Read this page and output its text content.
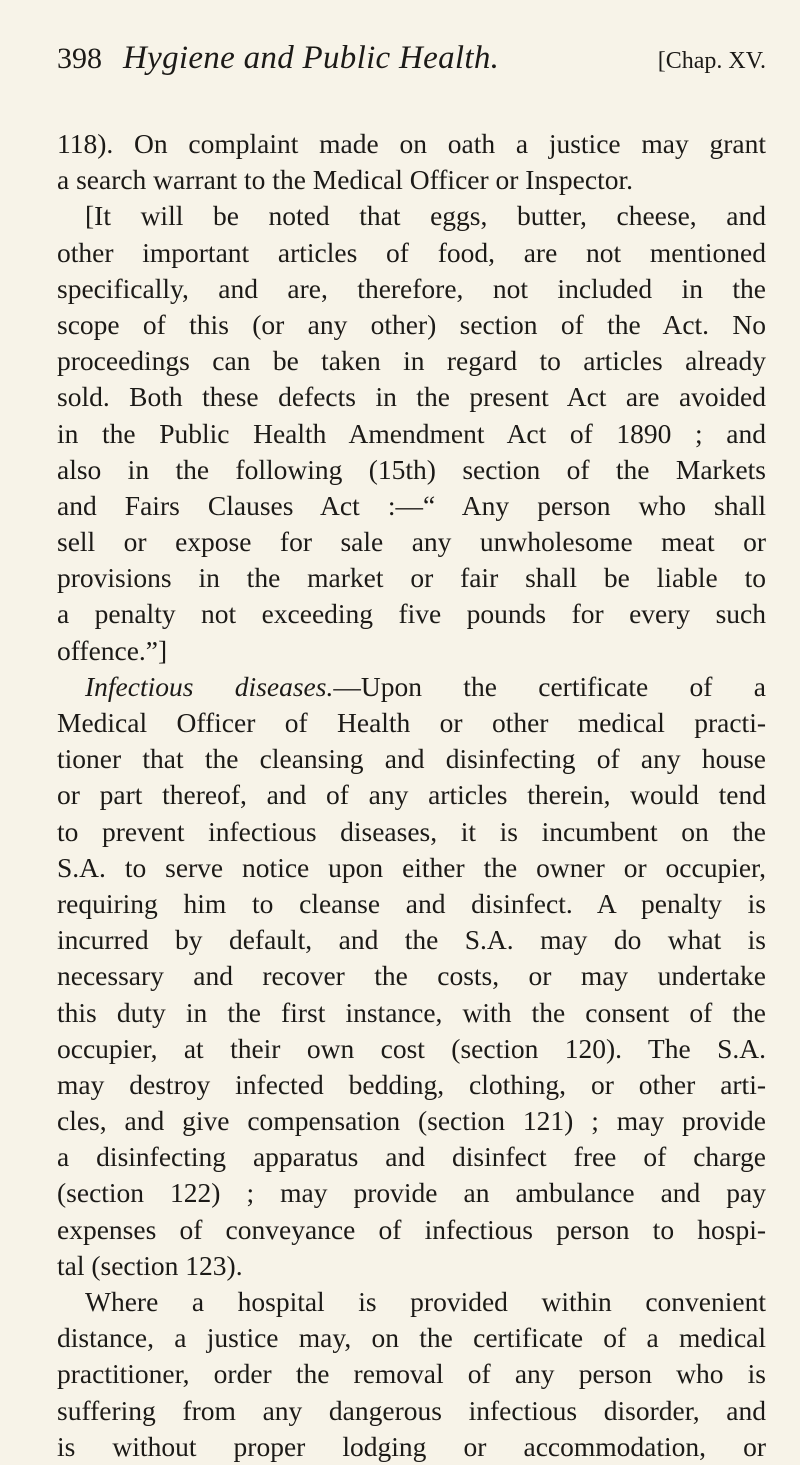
398 Hygiene and Public Health.	[Chap. XV.

118). On complaint made on oath a justice may grant
a search warrant to the Medical Officer or Inspector.

[It will be noted that eggs, butter, cheese, and
other important articles of food, are not mentioned
specifically, and are, therefore, not included in the
scope of this (or any other) section of the Act. No
proceedings can be taken in regard to articles already
sold. Both these defects in the present Act are avoided
in the Public Health Amendment Act of 1890 ; and
also in the following (15th) section of the Markets
and Fairs Clauses Act :—“ Any person who shall
sell or expose for sale any unwholesome meat or
provisions in the market or fair shall be liable to
a penalty not exceeding five pounds for every such
offence.”]

Infectious diseases.—Upon the certificate of a
Medical Officer of Health or other medical practi-
tioner that the cleansing and disinfecting of any house
or part thereof, and of any articles therein, would tend
to prevent infectious diseases, it is incumbent on the
S.A. to serve notice upon either the owner or occupier,
requiring him to cleanse and disinfect. A penalty is
incurred by default, and the S.A. may do what is
necessary and recover the costs, or may undertake
this duty in the first instance, with the consent of the
occupier, at their own cost (section 120). The S.A.
may destroy infected bedding, clothing, or other arti-
cles, and give compensation (section 121) ; may provide
a disinfecting apparatus and disinfect free of charge
(section 122) ; may provide an ambulance and pay
expenses of conveyance of infectious person to hospi-
tal (section 123).

Where a hospital is provided within convenient
distance, a justice may, on the certificate of a medical
practitioner, order the removal of any person who is
suffering from any dangerous infectious disorder, and
is without proper lodging or accommodation, or
